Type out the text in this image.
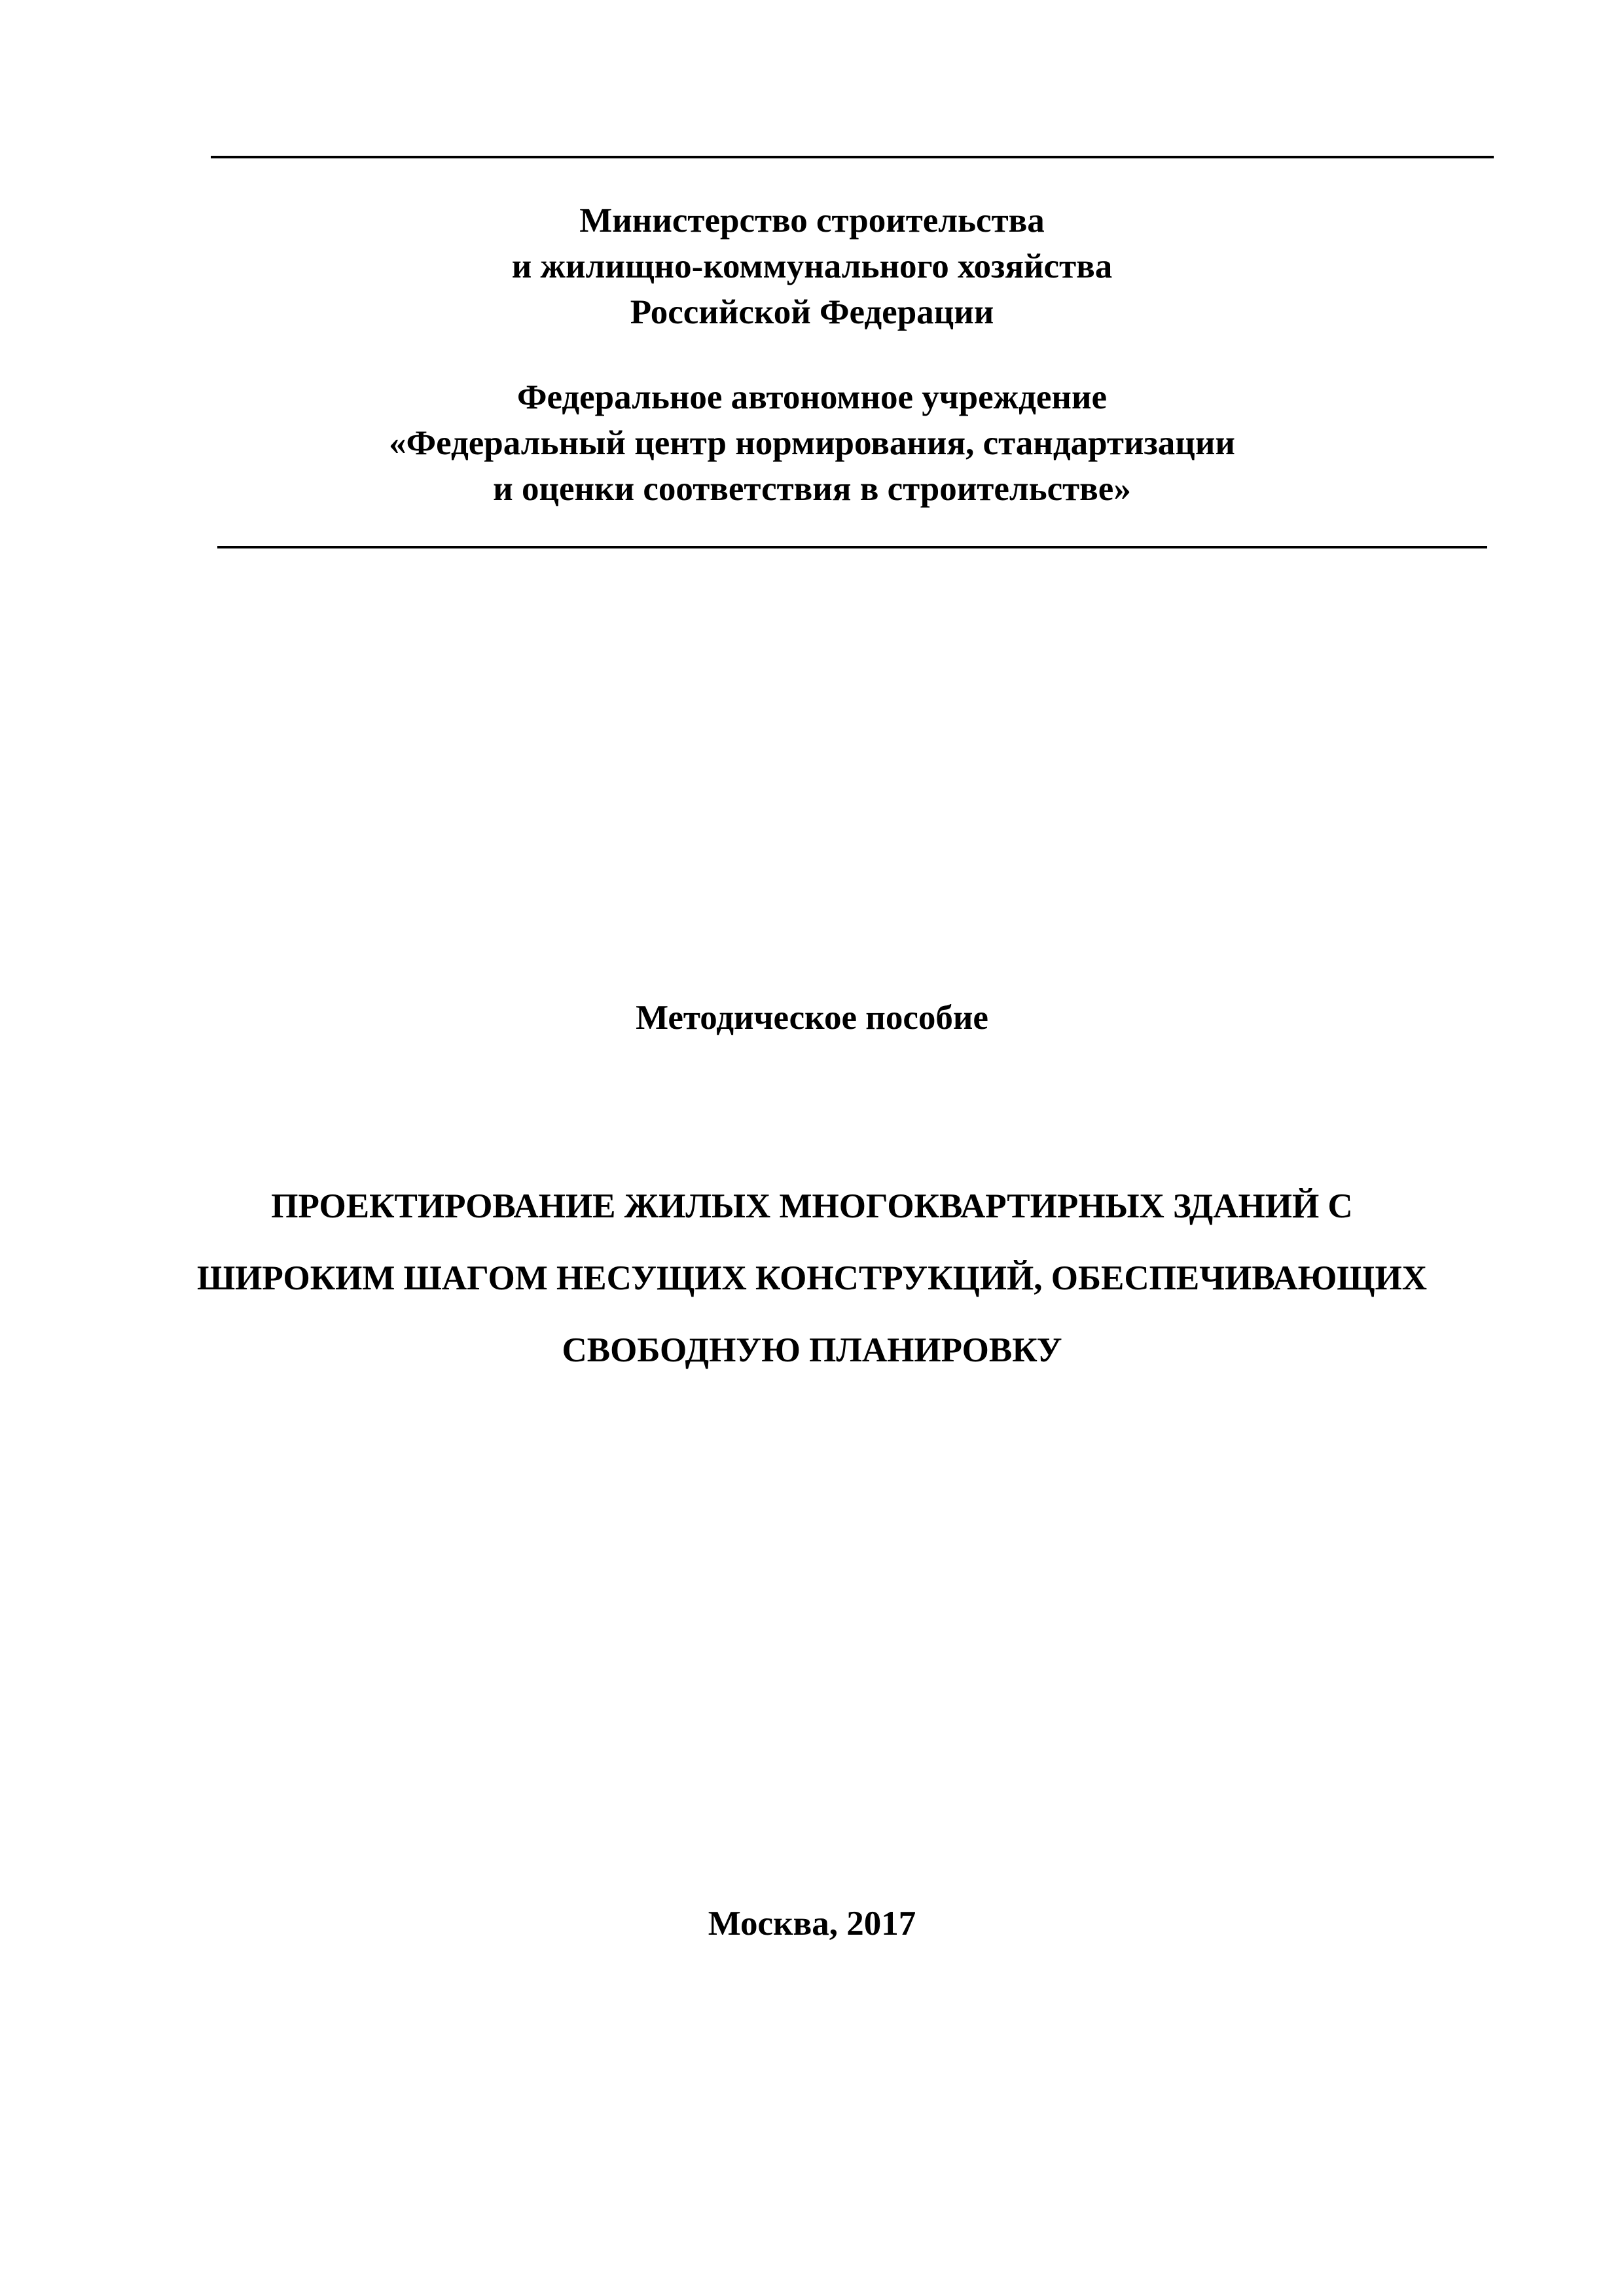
Министерство строительства
и жилищно-коммунального хозяйства
Российской Федерации
Федеральное автономное учреждение
«Федеральный центр нормирования, стандартизации
и оценки соответствия в строительстве»
Методическое пособие
ПРОЕКТИРОВАНИЕ ЖИЛЫХ МНОГОКВАРТИРНЫХ ЗДАНИЙ С
ШИРОКИМ ШАГОМ НЕСУЩИХ КОНСТРУКЦИЙ, ОБЕСПЕЧИВАЮЩИХ
СВОБОДНУЮ ПЛАНИРОВКУ
Москва, 2017
